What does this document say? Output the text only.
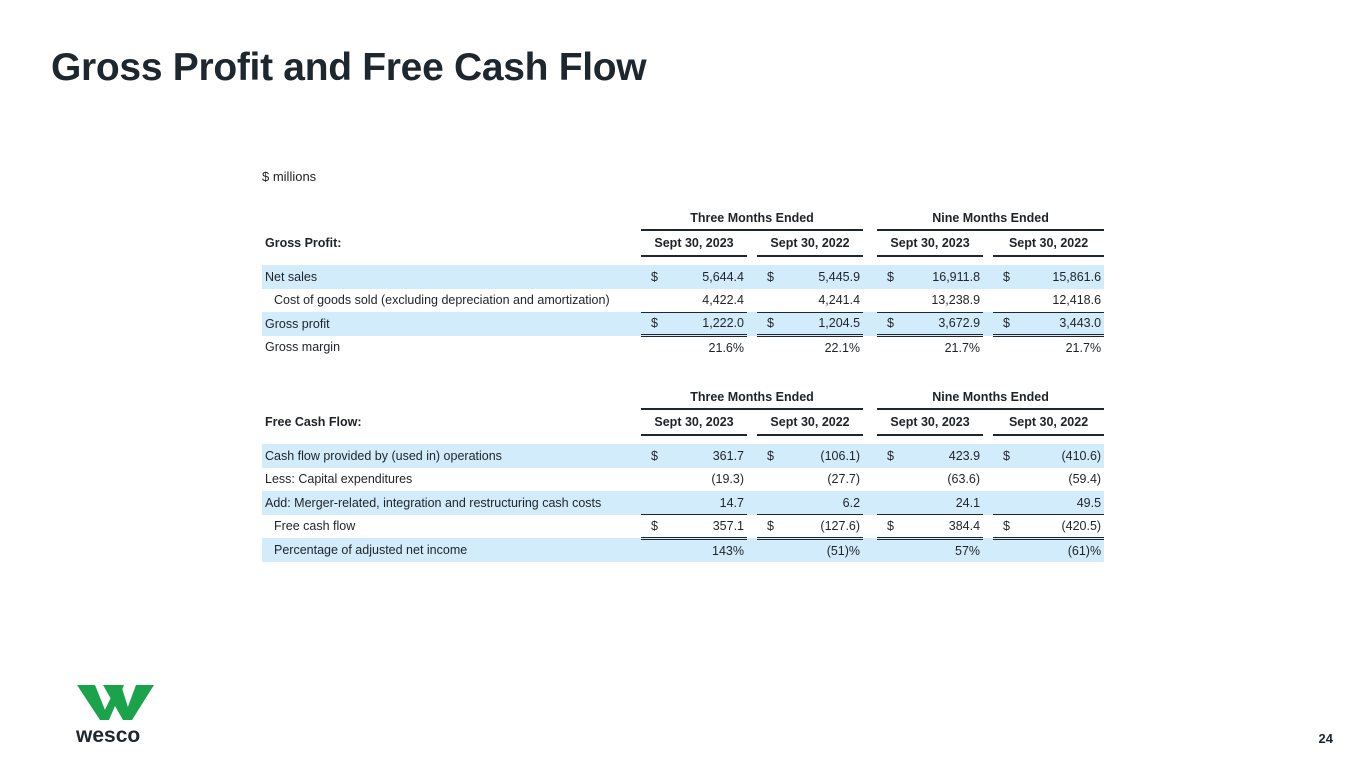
Gross Profit and Free Cash Flow
$ millions
	Three Months Ended						Nine Months Ended				
Gross Profit:	Sept 30, 2023			Sept 30, 2022			Sept 30, 2023			Sept 30, 2022	

Net sales	$	5,644.4		$	5,445.9		$	16,911.8		$	15,861.6
Cost of goods sold (excluding depreciation and amortization)		4,422.4			4,241.4			13,238.9			12,418.6
Gross profit	$	1,222.0		$	1,204.5		$	3,672.9		$	3,443.0
Gross margin		21.6%			22.1%			21.7%			21.7%
	Three Months Ended						Nine Months Ended				
Free Cash Flow:	Sept 30, 2023			Sept 30, 2022			Sept 30, 2023			Sept 30, 2022	

Cash flow provided by (used in) operations	$	361.7		$	(106.1)		$	423.9		$	(410.6)
Less: Capital expenditures		(19.3)			(27.7)			(63.6)			(59.4)
Add: Merger-related, integration and restructuring cash costs		14.7			6.2			24.1			49.5
Free cash flow	$	357.1		$	(127.6)		$	384.4		$	(420.5)
Percentage of adjusted net income		143%			(51)%			57%			(61)%
wesco	24
